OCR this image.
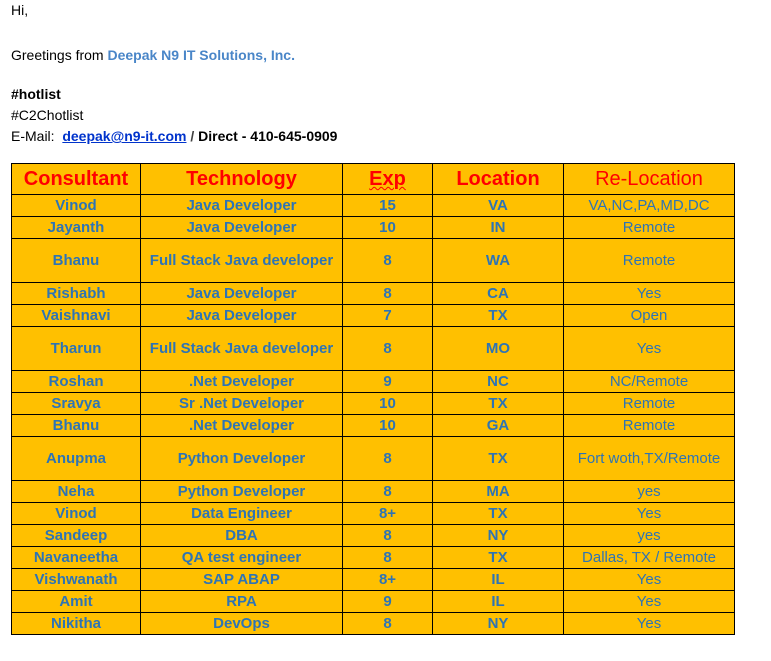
Hi,
Greetings from Deepak N9 IT Solutions, Inc.
#hotlist
#C2Chotlist
E-Mail: deepak@n9-it.com / Direct - 410-645-0909
Consultant	Technology	Exp	Location	Re-Location
Vinod	Java Developer	15	VA	VA,NC,PA,MD,DC
Jayanth	Java Developer	10	IN	Remote
Bhanu	Full Stack Java developer	8	WA	Remote
Rishabh	Java Developer	8	CA	Yes
Vaishnavi	Java Developer	7	TX	Open
Tharun	Full Stack Java developer	8	MO	Yes
Roshan	.Net Developer	9	NC	NC/Remote
Sravya	Sr .Net Developer	10	TX	Remote
Bhanu	.Net Developer	10	GA	Remote
Anupma	Python Developer	8	TX	Fort woth,TX/Remote
Neha	Python Developer	8	MA	yes
Vinod	Data Engineer	8+	TX	Yes
Sandeep	DBA	8	NY	yes
Navaneetha	QA test engineer	8	TX	Dallas, TX / Remote
Vishwanath	SAP ABAP	8+	IL	Yes
Amit	RPA	9	IL	Yes
Nikitha	DevOps	8	NY	Yes
